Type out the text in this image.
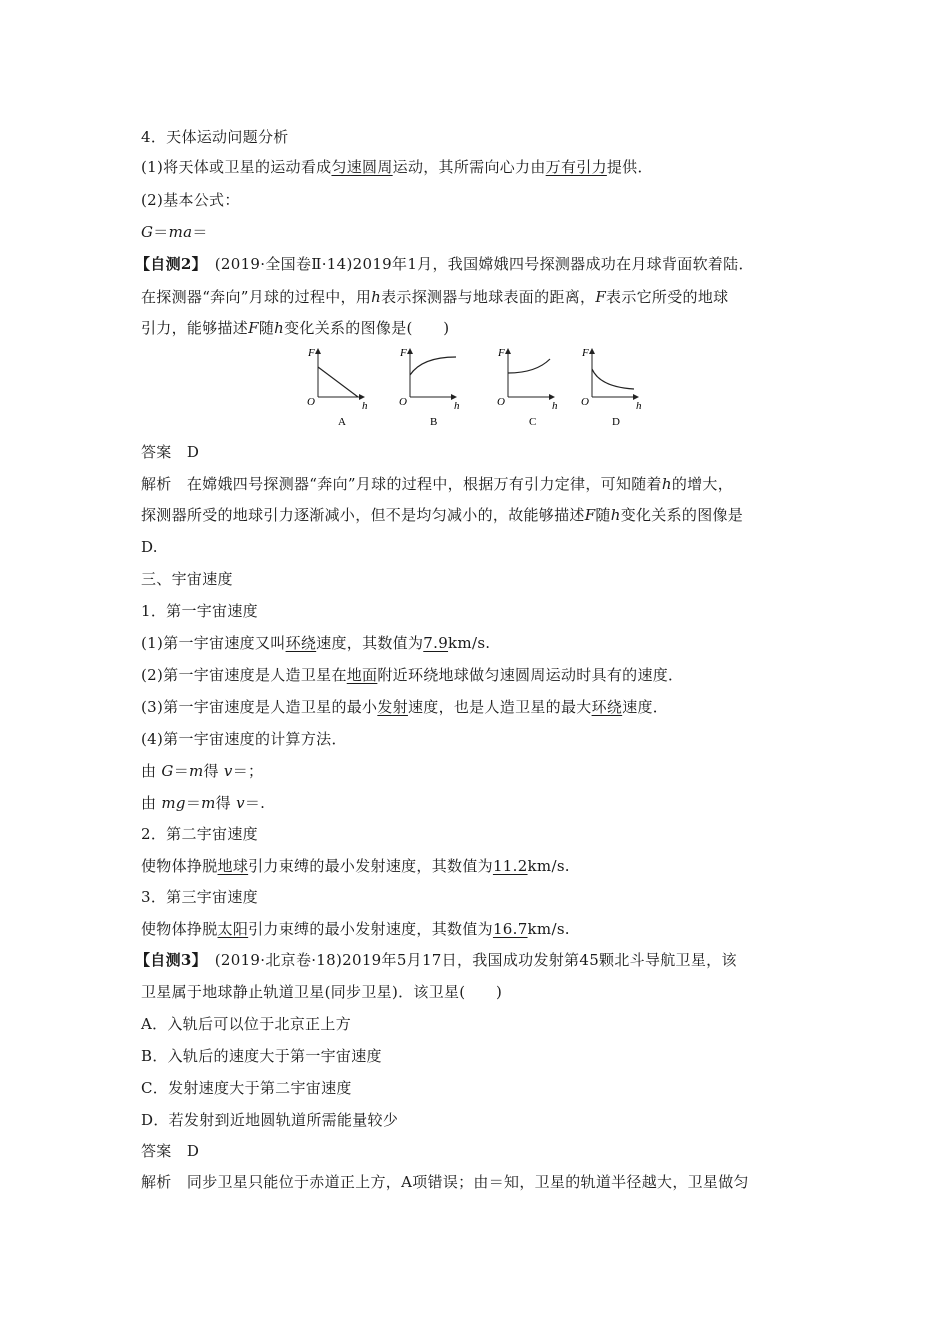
4．天体运动问题分析
(1)将天体或卫星的运动看成匀速圆周运动，其所需向心力由万有引力提供．
(2)基本公式：
G＝ma＝
【自测2】　 (2019·全国卷Ⅱ·14)2019年1月，我国嫦娥四号探测器成功在月球背面软着陆．
在探测器“奔向”月球的过程中，用h表示探测器与地球表面的距离，F表示它所受的地球
引力，能够描述F随h变化关系的图像是(　　)
F
O	h
A
F
O	h
B
F
O	h
C
F
O	h
D
答案　D
解析　在嫦娥四号探测器“奔向”月球的过程中，根据万有引力定律，可知随着h的增大，
探测器所受的地球引力逐渐减小，但不是均匀减小的，故能够描述F随h变化关系的图像是
D.
三、宇宙速度
1．第一宇宙速度
(1)第一宇宙速度又叫环绕速度，其数值为7.9km/s.
(2)第一宇宙速度是人造卫星在地面附近环绕地球做匀速圆周运动时具有的速度．
(3)第一宇宙速度是人造卫星的最小发射速度，也是人造卫星的最大环绕速度．
(4)第一宇宙速度的计算方法．
由 G＝m得 v＝；
由 mg＝m得 v＝.
2．第二宇宙速度
使物体挣脱地球引力束缚的最小发射速度，其数值为11.2km/s.
3．第三宇宙速度
使物体挣脱太阳引力束缚的最小发射速度，其数值为16.7km/s.
【自测3】　 (2019·北京卷·18)2019年5月17日，我国成功发射第45颗北斗导航卫星，该
卫星属于地球静止轨道卫星(同步卫星)．该卫星(　　)
A．入轨后可以位于北京正上方
B．入轨后的速度大于第一宇宙速度
C．发射速度大于第二宇宙速度
D．若发射到近地圆轨道所需能量较少
答案　D
解析　同步卫星只能位于赤道正上方，A项错误；由＝知，卫星的轨道半径越大，卫星做匀
